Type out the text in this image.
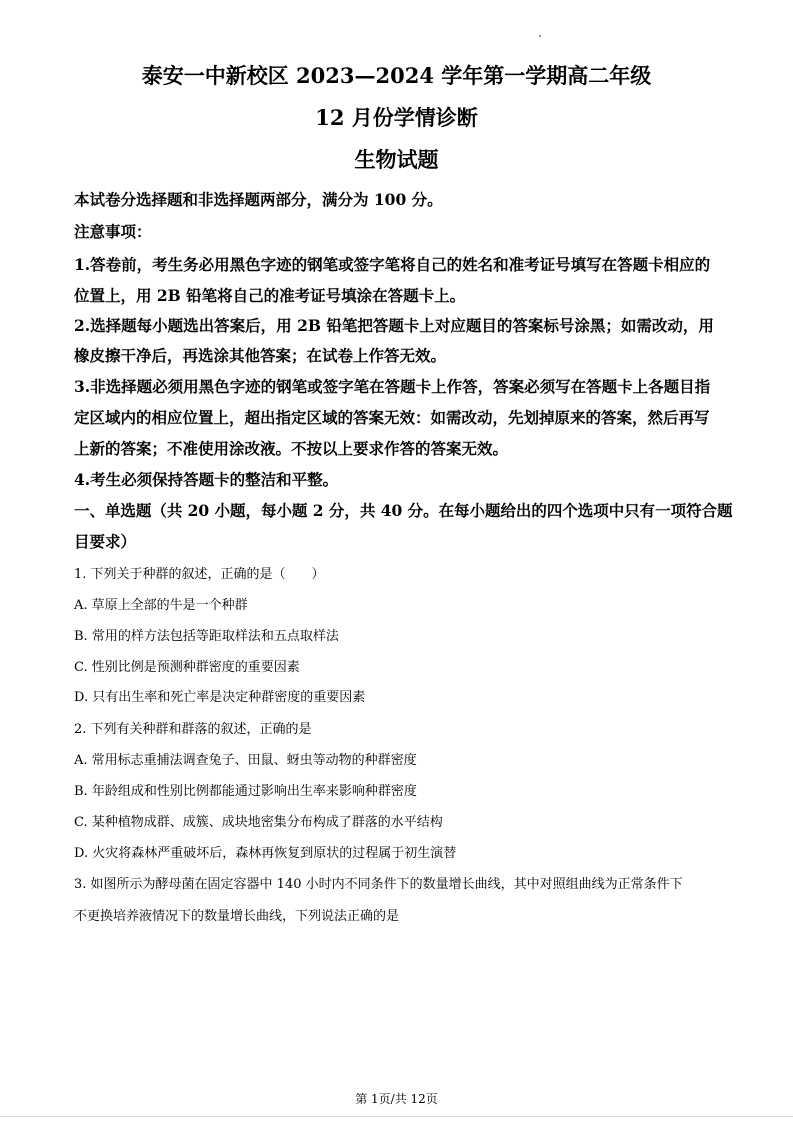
泰安一中新校区 2023—2024 学年第一学期高二年级
12 月份学情诊断
生物试题
本试卷分选择题和非选择题两部分，满分为 100 分。
注意事项：
1.答卷前，考生务必用黑色字迹的钢笔或签字笔将自己的姓名和准考证号填写在答题卡相应的
位置上，用 2B 铅笔将自己的准考证号填涂在答题卡上。
2.选择题每小题选出答案后，用 2B 铅笔把答题卡上对应题目的答案标号涂黑；如需改动，用
橡皮擦干净后，再选涂其他答案；在试卷上作答无效。
3.非选择题必须用黑色字迹的钢笔或签字笔在答题卡上作答，答案必须写在答题卡上各题目指
定区域内的相应位置上，超出指定区域的答案无效：如需改动，先划掉原来的答案，然后再写
上新的答案；不准使用涂改液。不按以上要求作答的答案无效。
4.考生必须保持答题卡的整洁和平整。
一、单选题（共 20 小题，每小题 2 分，共 40 分。在每小题给出的四个选项中只有一项符合题
目要求）
1. 下列关于种群的叙述，正确的是（　　）
A. 草原上全部的牛是一个种群
B. 常用的样方法包括等距取样法和五点取样法
C. 性别比例是预测种群密度的重要因素
D. 只有出生率和死亡率是决定种群密度的重要因素
2. 下列有关种群和群落的叙述，正确的是
A. 常用标志重捕法调查兔子、田鼠、蚜虫等动物的种群密度
B. 年龄组成和性别比例都能通过影响出生率来影响种群密度
C. 某种植物成群、成簇、成块地密集分布构成了群落的水平结构
D. 火灾将森林严重破坏后，森林再恢复到原状的过程属于初生演替
3. 如图所示为酵母菌在固定容器中 140 小时内不同条件下的数量增长曲线，其中对照组曲线为正常条件下
不更换培养液情况下的数量增长曲线，下列说法正确的是
第 1页/共 12页
